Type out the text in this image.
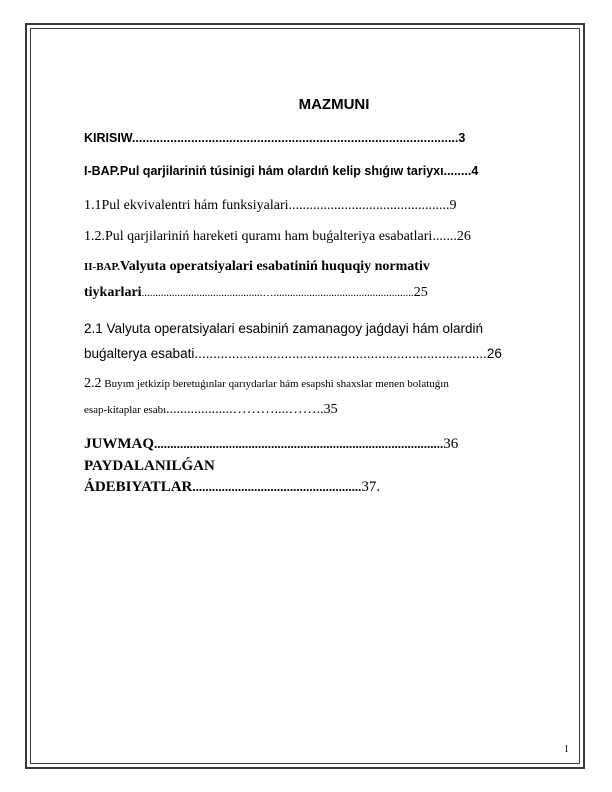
MAZMUNI
KIRISIW..............................................................................................3
I-BAP.Pul qarjilariniń túsinigi hám olardıń kelip shıǵıw tariyxı........4
1.1Pul ekvivalentri hám funksiyalari..............................................9
1.2.Pul qarjilariniń hareketi quramı ham buǵalteriya esabatlari.......26
II-BAP.Valyuta operatsiyalari esabatiniń huquqiy normativ
tiykarlari............................................…...................................................25
2.1 Valyuta operatsiyalari esabiniń zamanagoy jaǵdayi hám olardiń
buǵalterya esabati..............................................................................26
2.2 Buyım jetkizip beretuǵınlar qarıydarlar hám esapshi shaxslar menen bolatuǵın
esap-kitaplar esabı...................………....……..35
JUWMAQ.........................................................................................36
PAYDALANILǴAN
ÁDEBIYATLAR....................................................37.
1
